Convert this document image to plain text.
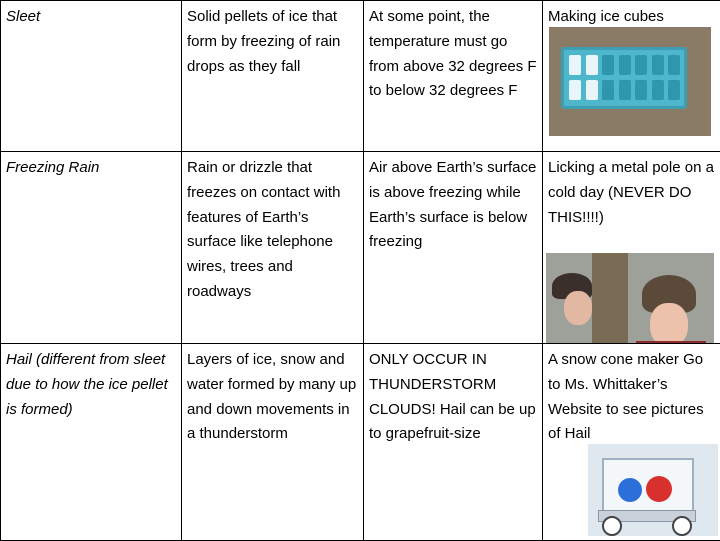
Sleet	Solid pellets of ice that form by freezing of rain drops as they fall	At some point, the temperature must go from above 32 degrees F to below 32 degrees F	Making ice cubes

Freezing Rain	Rain or drizzle that freezes on contact with features of Earth’s surface like telephone wires, trees and roadways	Air above Earth’s surface is above freezing while Earth’s surface is below freezing	Licking a metal pole on a cold day (NEVER DO THIS!!!!)

Hail (different from sleet due to how the ice pellet is formed)	Layers of ice, snow and water formed by many up and down movements in a thunderstorm	ONLY OCCUR IN THUNDERSTORM CLOUDS! Hail can be up to grapefruit-size	A snow cone maker Go to Ms. Whittaker’s Website to see pictures of Hail
